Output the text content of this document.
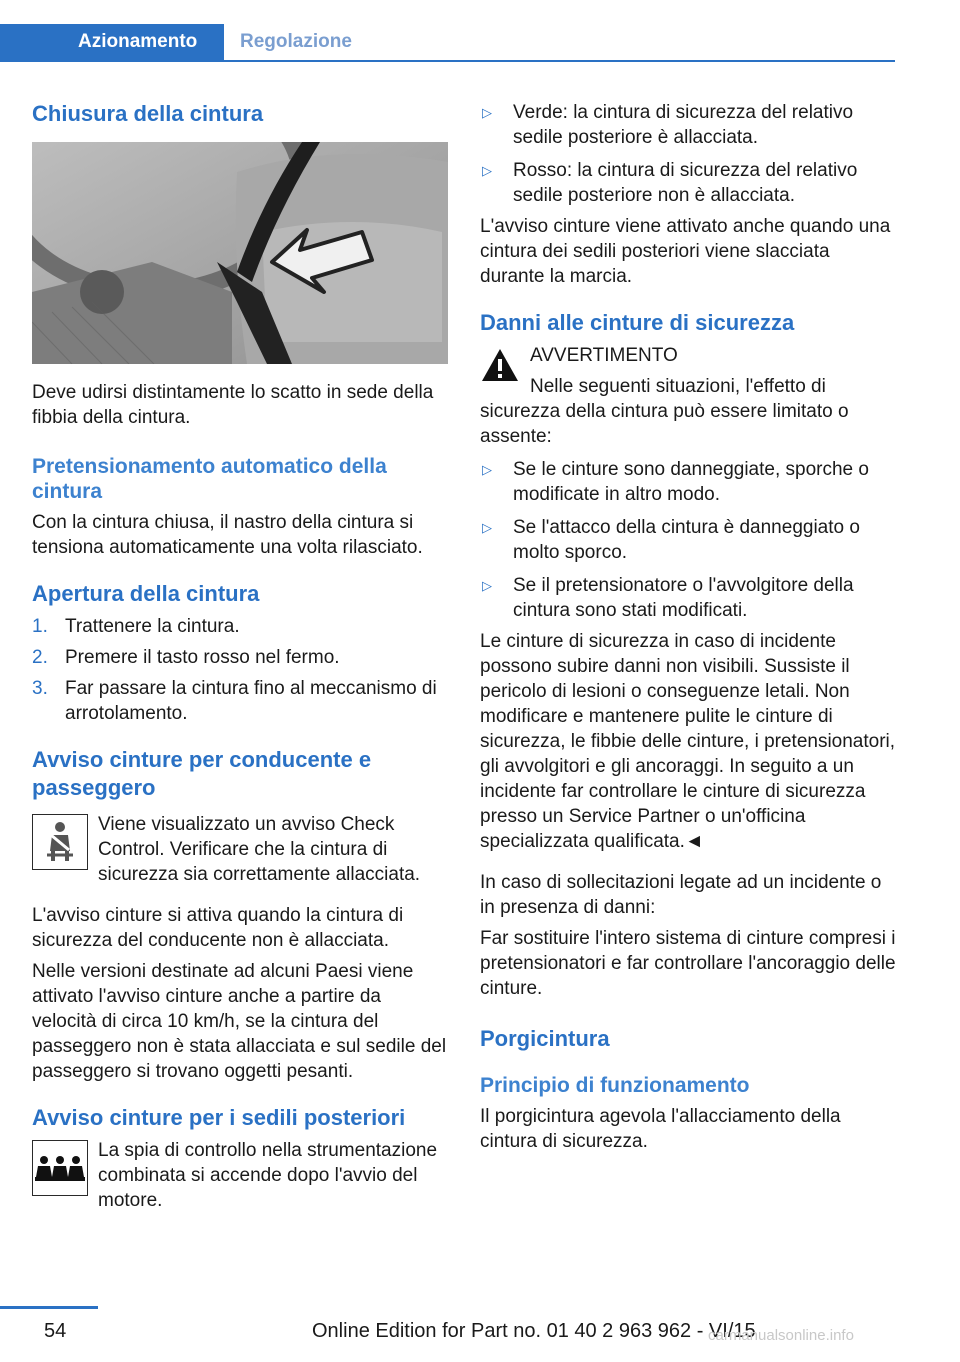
Azionamento	Regolazione
Chiusura della cintura

Deve udirsi distintamente lo scatto in sede della fibbia della cintura.

Pretensionamento automatico della cintura

Con la cintura chiusa, il nastro della cintura si tensiona automaticamente una volta rilasciato.

Apertura della cintura
1. Trattenere la cintura.
2. Premere il tasto rosso nel fermo.
3. Far passare la cintura fino al meccanismo di arrotolamento.
Avviso cinture per conducente e passeggero

Viene visualizzato un avviso Check Control. Verificare che la cintura di sicurezza sia correttamente allacciata.

L'avviso cinture si attiva quando la cintura di sicurezza del conducente non è allacciata.

Nelle versioni destinate ad alcuni Paesi viene attivato l'avviso cinture anche a partire da velocità di circa 10 km/h, se la cintura del passeggero non è stata allacciata e sul sedile del passeggero si trovano oggetti pesanti.

Avviso cinture per i sedili posteriori

La spia di controllo nella strumentazione combinata si accende dopo l'avvio del motore.

▷ Verde: la cintura di sicurezza del relativo sedile posteriore è allacciata.
▷ Rosso: la cintura di sicurezza del relativo sedile posteriore non è allacciata.

L'avviso cinture viene attivato anche quando una cintura dei sedili posteriori viene slacciata durante la marcia.

Danni alle cinture di sicurezza
AVVERTIMENTO

Nelle seguenti situazioni, l'effetto di sicurezza della cintura può essere limitato o assente:

▷ Se le cinture sono danneggiate, sporche o modificate in altro modo.
▷ Se l'attacco della cintura è danneggiato o molto sporco.
▷ Se il pretensionatore o l'avvolgitore della cintura sono stati modificati.

Le cinture di sicurezza in caso di incidente possono subire danni non visibili. Sussiste il pericolo di lesioni o conseguenze letali. Non modificare e mantenere pulite le cinture di sicurezza, le fibbie delle cinture, i pretensionatori, gli avvolgitori e gli ancoraggi. In seguito a un incidente far controllare le cinture di sicurezza presso un Service Partner o un'officina specializzata qualificata.◄

In caso di sollecitazioni legate ad un incidente o in presenza di danni:

Far sostituire l'intero sistema di cinture compresi i pretensionatori e far controllare l'ancoraggio delle cinture.

Porgicintura
Principio di funzionamento

Il porgicintura agevola l'allacciamento della cintura di sicurezza.

54	Online Edition for Part no. 01 40 2 963 962 - VI/15
carmanualsonline.info
